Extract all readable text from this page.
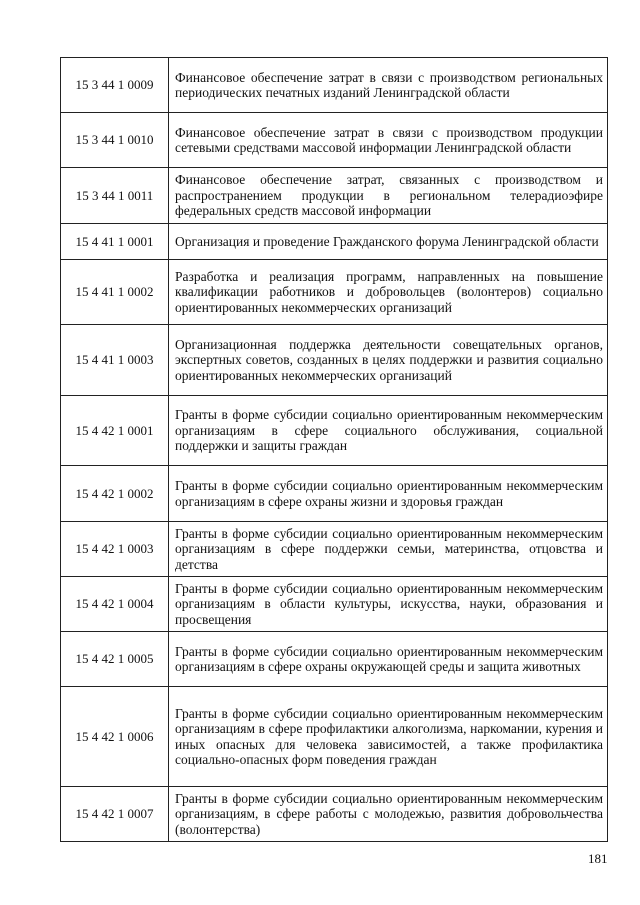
15 3 44 1 0009	Финансовое обеспечение затрат в связи с производством региональных периодических печатных изданий Ленинградской области
15 3 44 1 0010	Финансовое обеспечение затрат в связи с производством продукции сетевыми средствами массовой информации Ленинградской области
15 3 44 1 0011	Финансовое обеспечение затрат, связанных с производством и распространением продукции в региональном телерадиоэфире федеральных средств массовой информации
15 4 41 1 0001	Организация и проведение Гражданского форума Ленинградской области
15 4 41 1 0002	Разработка и реализация программ, направленных на повышение квалификации работников и добровольцев (волонтеров) социально ориентированных некоммерческих организаций
15 4 41 1 0003	Организационная поддержка деятельности совещательных органов, экспертных советов, созданных в целях поддержки и развития социально ориентированных некоммерческих организаций
15 4 42 1 0001	Гранты в форме субсидии социально ориентированным некоммерческим организациям в сфере социального обслуживания, социальной поддержки и защиты граждан
15 4 42 1 0002	Гранты в форме субсидии социально ориентированным некоммерческим организациям в сфере охраны жизни и здоровья граждан
15 4 42 1 0003	Гранты в форме субсидии социально ориентированным некоммерческим организациям в сфере поддержки семьи, материнства, отцовства и детства
15 4 42 1 0004	Гранты в форме субсидии социально ориентированным некоммерческим организациям в области культуры, искусства, науки, образования и просвещения
15 4 42 1 0005	Гранты в форме субсидии социально ориентированным некоммерческим организациям в сфере охраны окружающей среды и защита животных
15 4 42 1 0006	Гранты в форме субсидии социально ориентированным некоммерческим организациям в сфере профилактики алкоголизма, наркомании, курения и иных опасных для человека зависимостей, а также профилактика социально-опасных форм поведения граждан
15 4 42 1 0007	Гранты в форме субсидии социально ориентированным некоммерческим организациям, в сфере работы с молодежью, развития добровольчества (волонтерства)
181
